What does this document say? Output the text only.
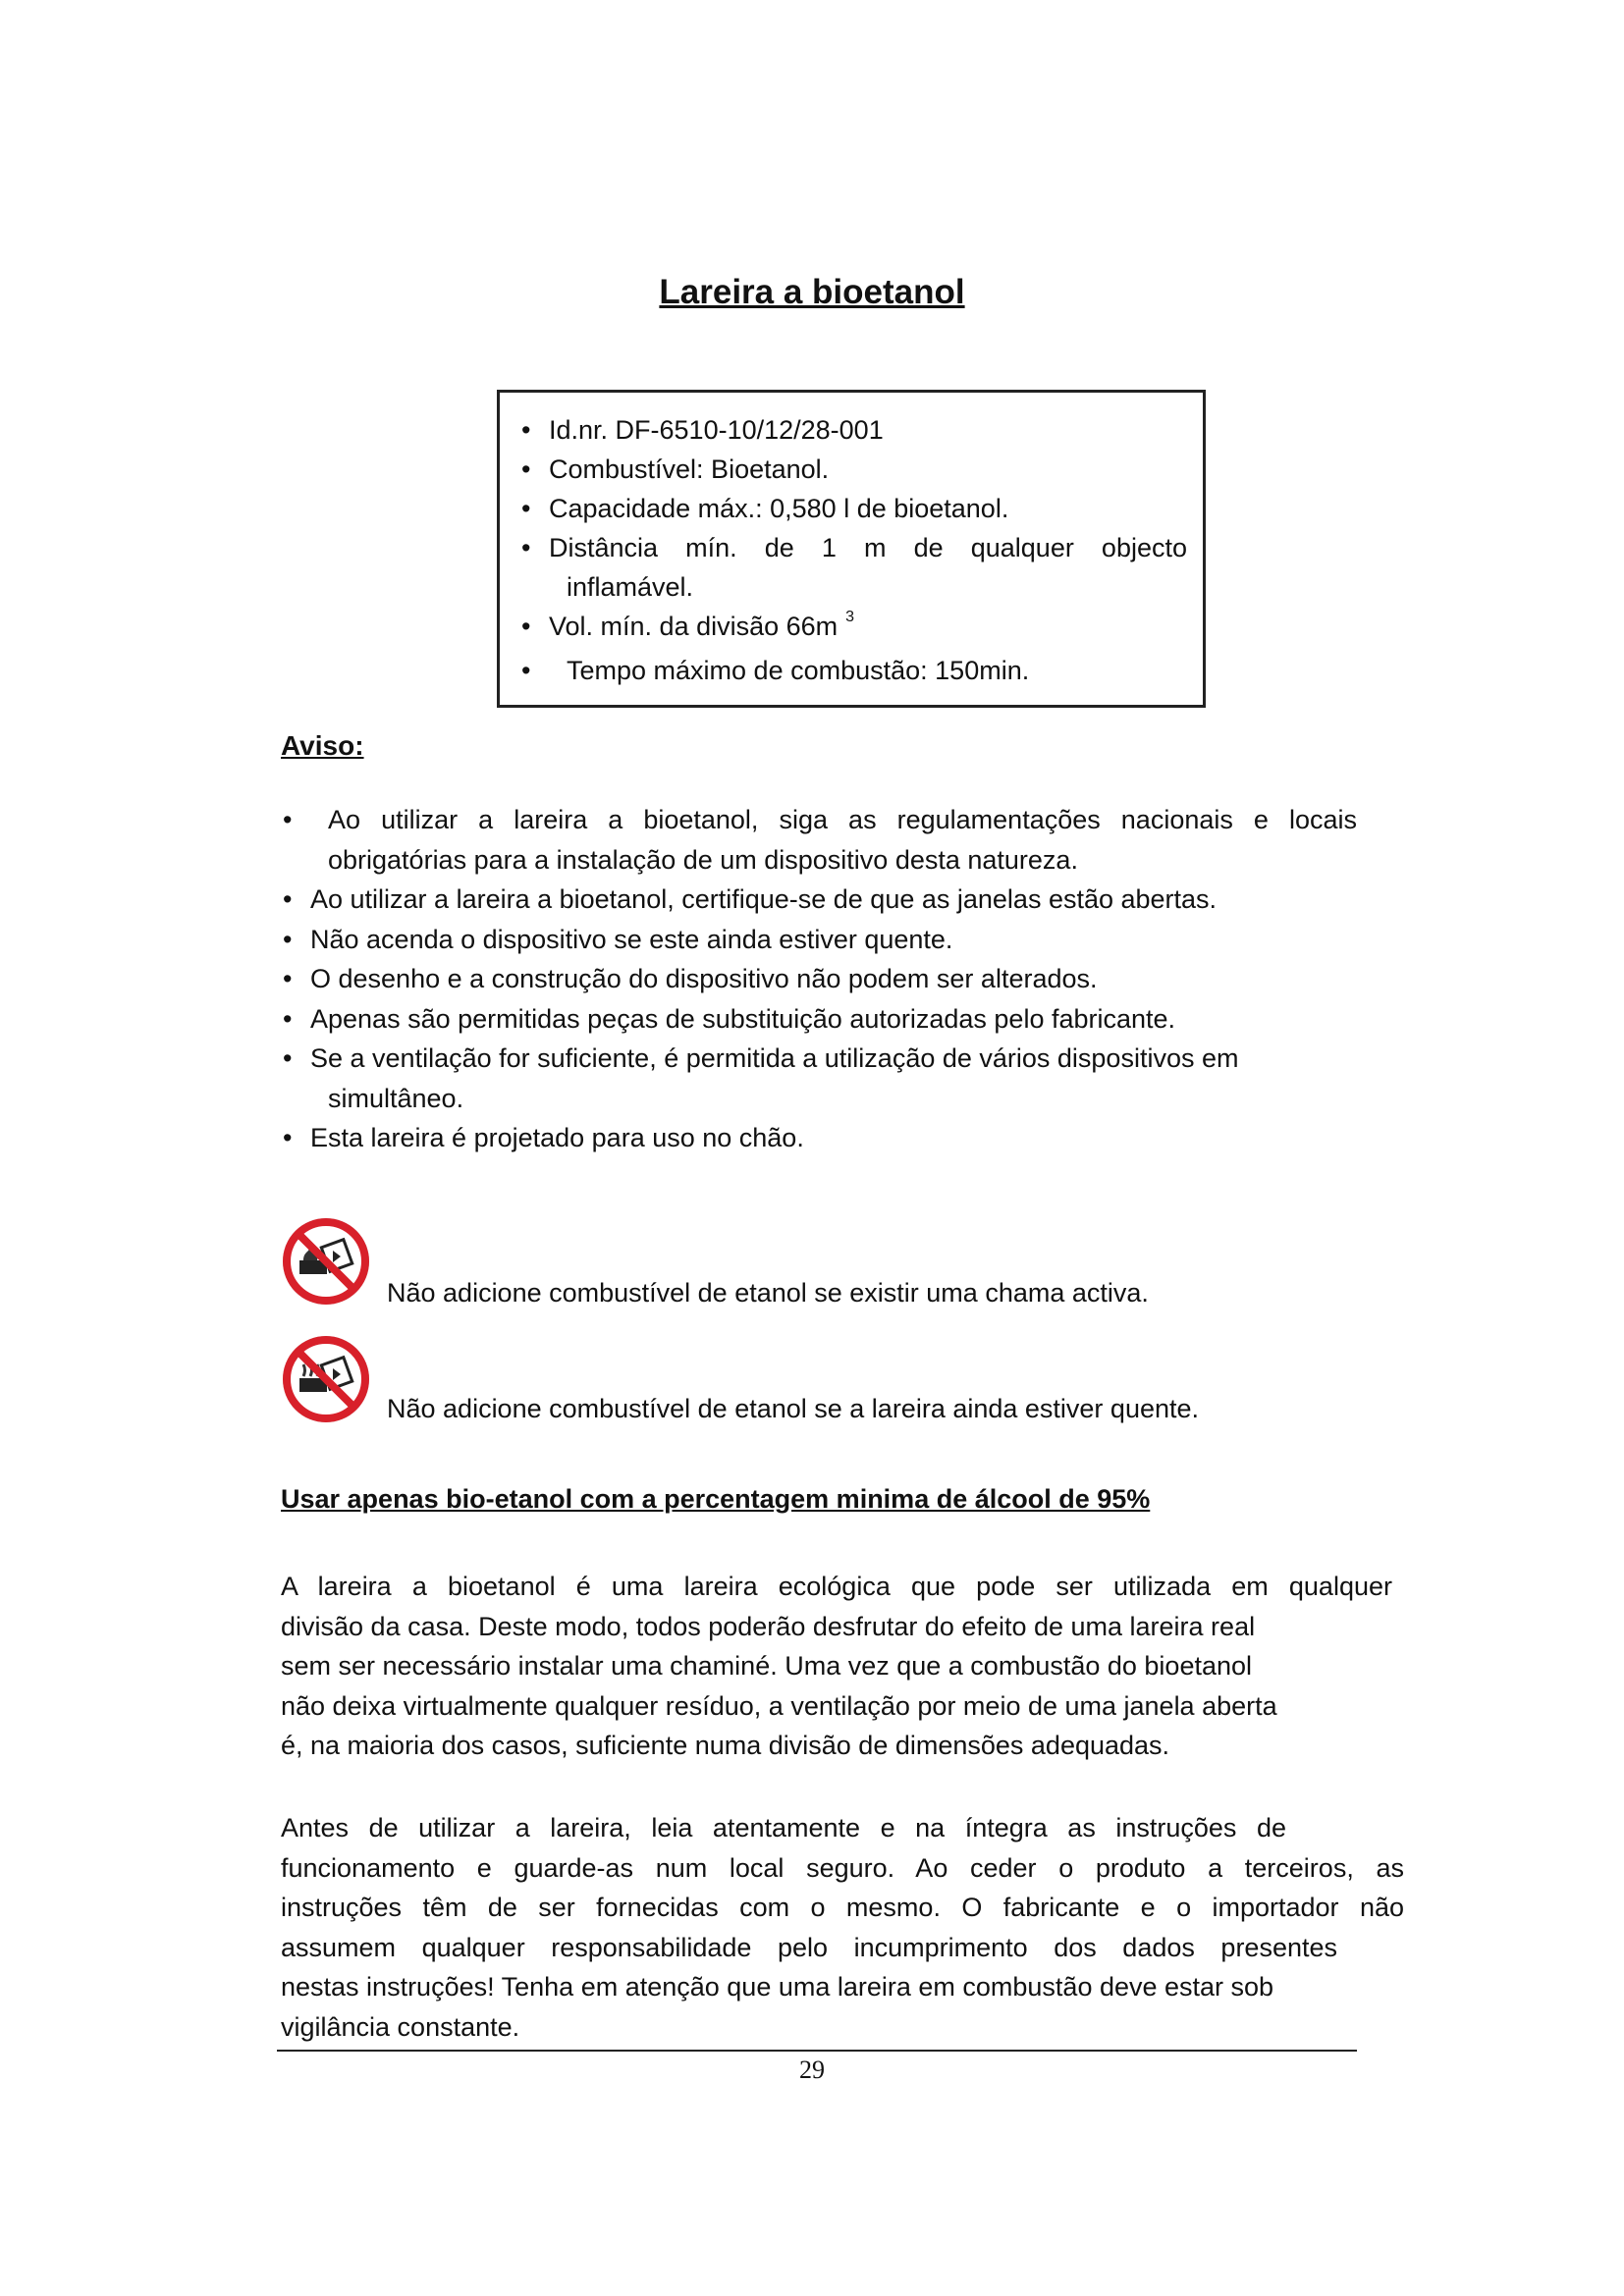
Lareira a bioetanol
• Id.nr. DF-6510-10/12/28-001
• Combustível: Bioetanol.
• Capacidade máx.: 0,580 l de bioetanol.
• Distância mín. de 1 m de qualquer objecto
inflamável.
• Vol. mín. da divisão 66m $^3$
• Tempo máximo de combustão: 150min.
Aviso:
• Ao utilizar a lareira a bioetanol, siga as regulamentações nacionais e locais
obrigatórias para a instalação de um dispositivo desta natureza.
• Ao utilizar a lareira a bioetanol, certifique-se de que as janelas estão abertas.
• Não acenda o dispositivo se este ainda estiver quente.
• O desenho e a construção do dispositivo não podem ser alterados.
• Apenas são permitidas peças de substituição autorizadas pelo fabricante.
• Se a ventilação for suficiente, é permitida a utilização de vários dispositivos em
simultâneo.
• Esta lareira é projetado para uso no chão.
Não adicione combustível de etanol se existir uma chama activa.
Não adicione combustível de etanol se a lareira ainda estiver quente.
Usar apenas bio-etanol com a percentagem minima de álcool de 95%
A lareira a bioetanol é uma lareira ecológica que pode ser utilizada em qualquer
divisão da casa. Deste modo, todos poderão desfrutar do efeito de uma lareira real
sem ser necessário instalar uma chaminé. Uma vez que a combustão do bioetanol
não deixa virtualmente qualquer resíduo, a ventilação por meio de uma janela aberta
é, na maioria dos casos, suficiente numa divisão de dimensões adequadas.
Antes de utilizar a lareira, leia atentamente e na íntegra as instruções de
funcionamento e guarde-as num local seguro. Ao ceder o produto a terceiros, as
instruções têm de ser fornecidas com o mesmo. O fabricante e o importador não
assumem qualquer responsabilidade pelo incumprimento dos dados presentes
nestas instruções! Tenha em atenção que uma lareira em combustão deve estar sob
vigilância constante.
29
